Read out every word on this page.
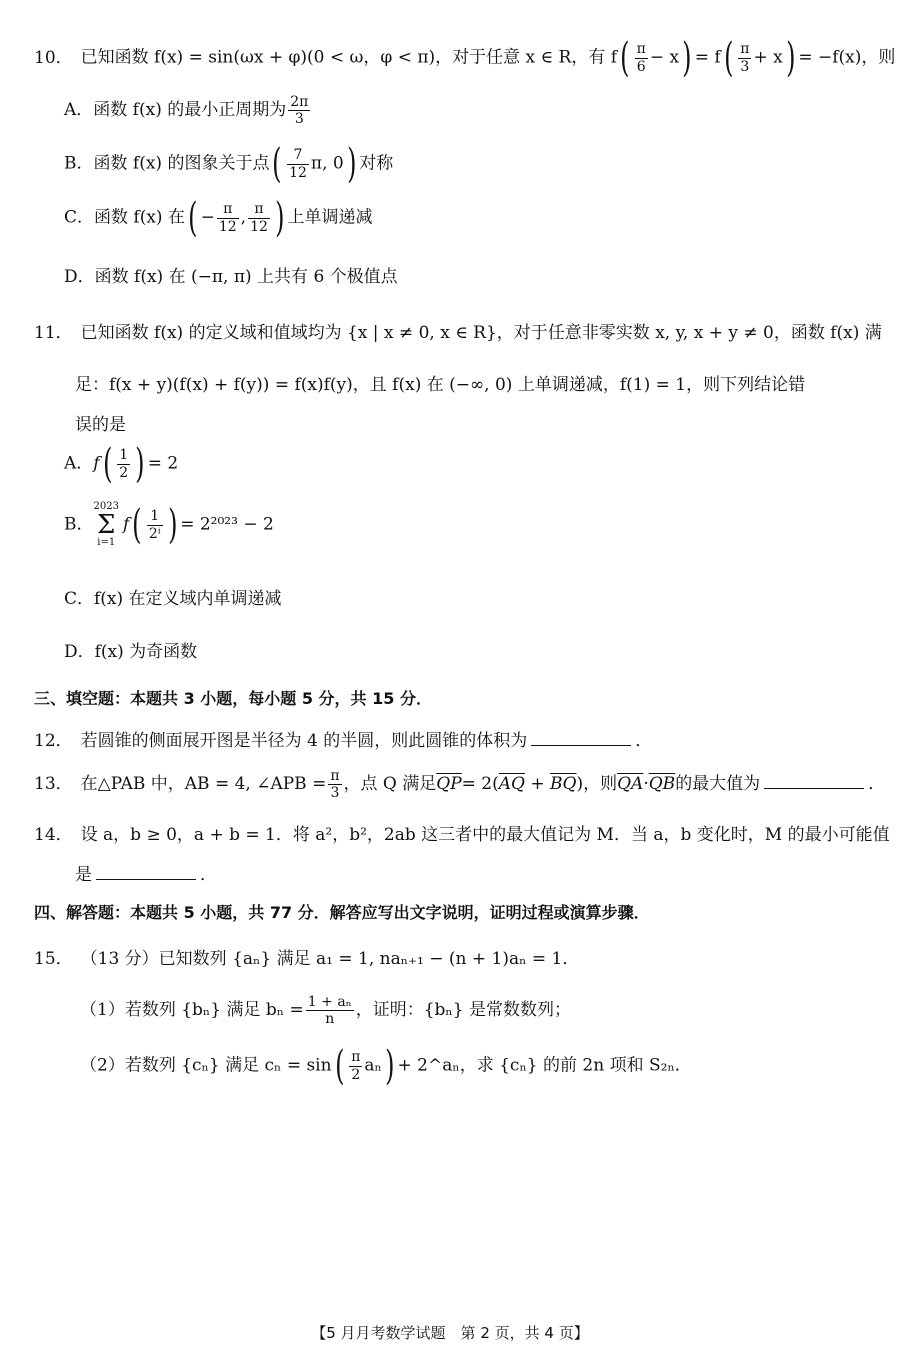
10． 已知函数 f(x) = sin(ωx + φ)(0 < ω，φ < π)，对于任意 x ∈ R，有 $f( \frac{\pi}{6} - x) = f( \frac{\pi}{3} + x) = -f(x)$，则
A．函数 f(x) 的最小正周期为 $\frac{2\pi}{3}$
B．函数 f(x) 的图象关于点( $\frac{7}{12} \pi$, 0) 对称
C．函数 f(x) 在( − $\frac{\pi}{12}$ , $\frac{\pi}{12}$ ) 上单调递减
D．函数 f(x) 在 (−π, π) 上共有 6 个极值点
11． 已知函数 f(x) 的定义域和值域均为 {x | x ≠ 0, x ∈ R}，对于任意非零实数 x, y, x + y ≠ 0，函数 f(x) 满
足：f(x + y)(f(x) + f(y)) = f(x)f(y)，且 f(x) 在 (−∞, 0) 上单调递减，f(1) = 1，则下列结论错
误的是
A．$f( \frac{1}{2}$ ) = 2
B．
2023
Σ
i=1
$f( \frac{1}{\text{2ⁱ}}$ ) = 2²⁰²³ − 2
C．f(x) 在定义域内单调递减
D．f(x) 为奇函数
三、填空题：本题共 3 小题，每小题 5 分，共 15 分．
12． 若圆锥的侧面展开图是半径为 4 的半圆，则此圆锥的体积为	．
13． 在△PAB 中，AB = 4, ∠APB = $\frac{\pi}{3}$ ，点 Q 满足$\overline{QP}= 2(\overline{AQ} + \overline{BQ})$，则$\overline{QA}\cdot\overline{QB}$的最大值为	．
14． 设 a，b ≥ 0，a + b = 1．将 a²，b²，2ab 这三者中的最大值记为 M．当 a，b 变化时，M 的最小可能值
是	．
四、解答题：本题共 5 小题，共 77 分．解答应写出文字说明，证明过程或演算步骤．
15． （13 分）已知数列 {aₙ} 满足 a₁ = 1, naₙ₊₁ − (n + 1)aₙ = 1．
（1）若数列 {bₙ} 满足 $b_n = \frac{\text{1 + aₙ}}{n}$ ，证明：{bₙ} 是常数数列；
（2）若数列 {cₙ} 满足 $c_n = \sin( \frac{\pi}{2} a_n)$ + 2^aₙ，求 {cₙ} 的前 2n 项和 S₂ₙ．
【5 月月考数学试题　第 2 页，共 4 页】
